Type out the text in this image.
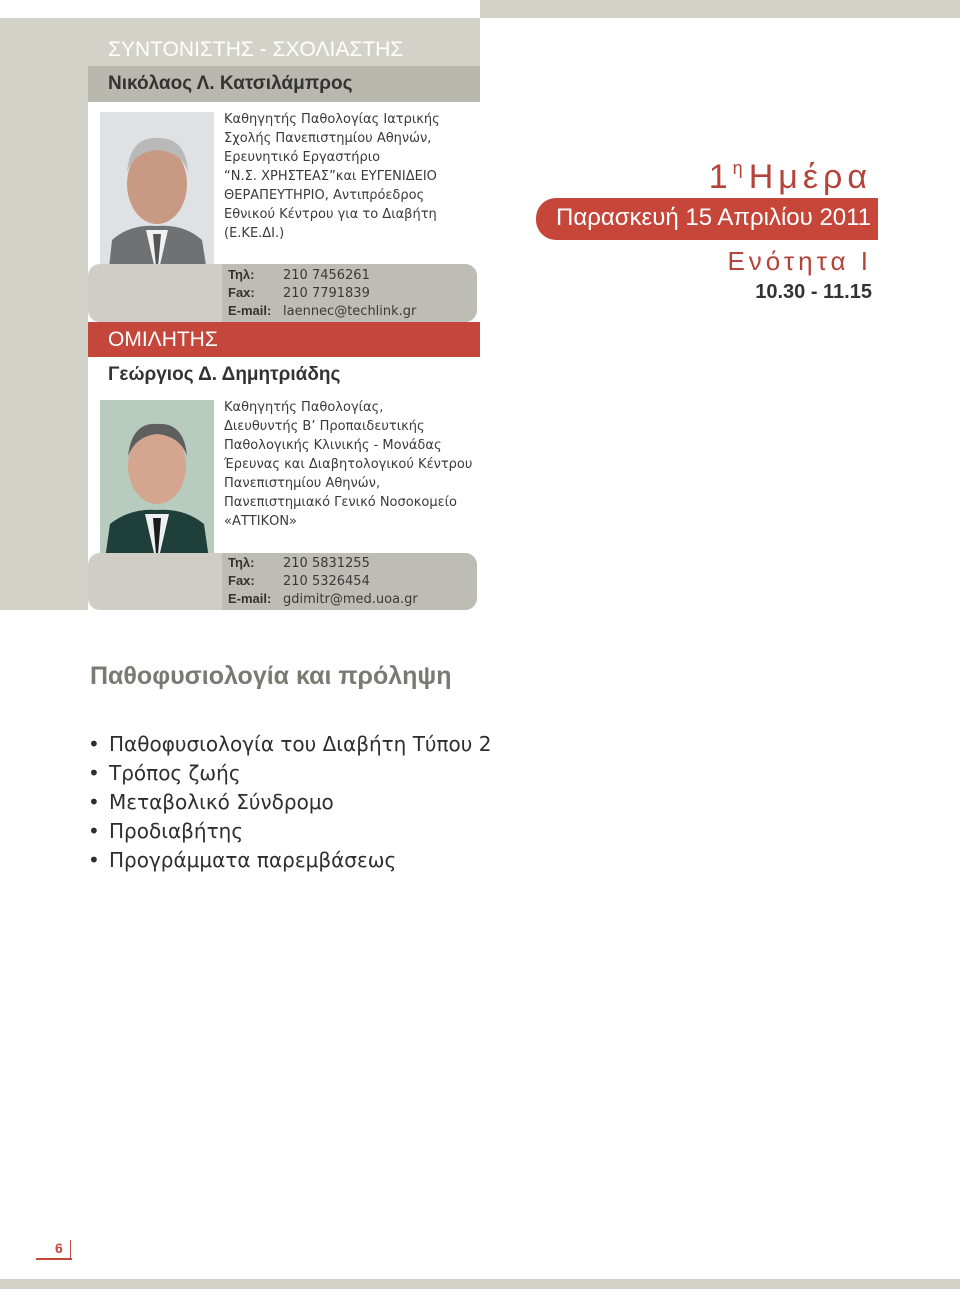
ΣΥΝΤΟΝΙΣΤΗΣ - ΣΧΟΛΙΑΣΤΗΣ
Νικόλαος Λ. Κατσιλάμπρος
Καθηγητής Παθολογίας Ιατρικής
Σχολής Πανεπιστημίου Αθηνών,
Ερευνητικό Εργαστήριο
“Ν.Σ. ΧΡΗΣΤΕΑΣ”και ΕΥΓΕΝΙΔΕΙΟ
ΘΕΡΑΠΕΥΤΗΡΙΟ, Αντιπρόεδρος
Εθνικού Κέντρου για το Διαβήτη
(Ε.ΚΕ.ΔΙ.)
Τηλ: 210 7456261
Fax: 210 7791839
E-mail: laennec@techlink.gr
ΟΜΙΛΗΤΗΣ
Γεώργιος Δ. Δημητριάδης
Καθηγητής Παθολογίας,
Διευθυντής Β’ Προπαιδευτικής
Παθολογικής Κλινικής - Μονάδας
Έρευνας και Διαβητολογικού Κέντρου
Πανεπιστημίου Αθηνών,
Πανεπιστημιακό Γενικό Νοσοκομείο
«ΑΤΤΙΚΟΝ»
Τηλ: 210 5831255
Fax: 210 5326454
E-mail: gdimitr@med.uoa.gr
$1^\eta$ Ημέρα
Παρασκευή 15 Απριλίου 2011
Ενότητα Ι
10.30 - 11.15
Παθοφυσιολογία και πρόληψη
• Παθοφυσιολογία του Διαβήτη Τύπου 2
• Τρόπος ζωής
• Μεταβολικό Σύνδρομο
• Προδιαβήτης
• Προγράμματα παρεμβάσεως
6
